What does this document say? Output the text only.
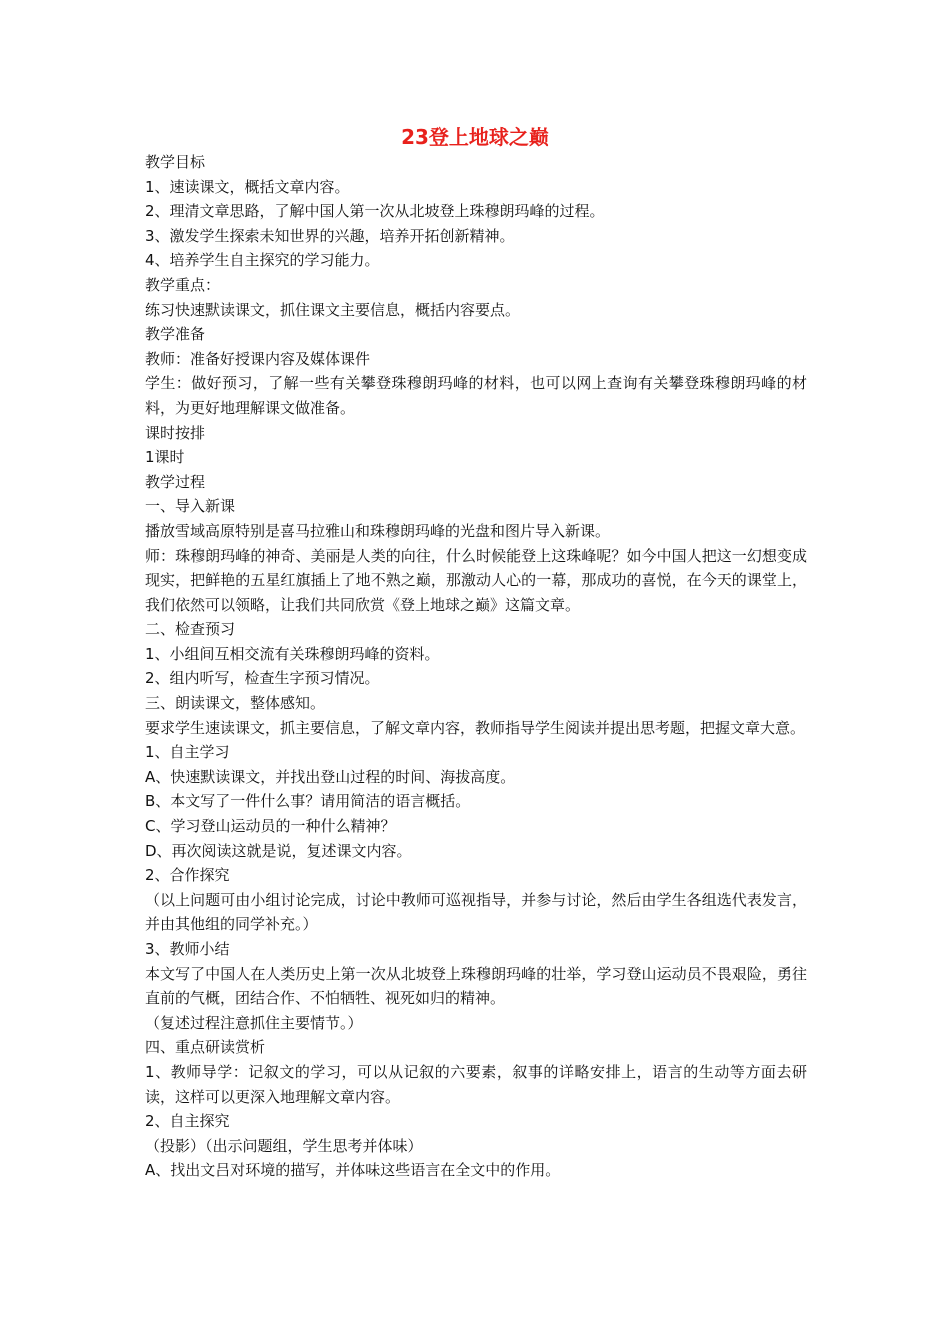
23登上地球之巅

教学目标

1、速读课文，概括文章内容。

2、理清文章思路，了解中国人第一次从北坡登上珠穆朗玛峰的过程。

3、激发学生探索未知世界的兴趣，培养开拓创新精神。

4、培养学生自主探究的学习能力。

教学重点：

练习快速默读课文，抓住课文主要信息，概括内容要点。

教学准备

教师：准备好授课内容及媒体课件

学生：做好预习，了解一些有关攀登珠穆朗玛峰的材料，也可以网上查询有关攀登珠穆朗玛峰的材料，为更好地理解课文做准备。

课时按排

1课时

教学过程

一、导入新课

播放雪域高原特别是喜马拉雅山和珠穆朗玛峰的光盘和图片导入新课。

师：珠穆朗玛峰的神奇、美丽是人类的向往，什么时候能登上这珠峰呢？如今中国人把这一幻想变成现实，把鲜艳的五星红旗插上了地不熟之巅，那激动人心的一幕，那成功的喜悦，在今天的课堂上，我们依然可以领略，让我们共同欣赏《登上地球之巅》这篇文章。

二、检查预习

1、小组间互相交流有关珠穆朗玛峰的资料。

2、组内听写，检查生字预习情况。

三、朗读课文，整体感知。

要求学生速读课文，抓主要信息，了解文章内容，教师指导学生阅读并提出思考题，把握文章大意。

1、自主学习

A、快速默读课文，并找出登山过程的时间、海拔高度。

B、本文写了一件什么事？请用简洁的语言概括。

C、学习登山运动员的一种什么精神？

D、再次阅读这就是说，复述课文内容。

2、合作探究

（以上问题可由小组讨论完成，讨论中教师可巡视指导，并参与讨论，然后由学生各组选代表发言，并由其他组的同学补充。）

3、教师小结

本文写了中国人在人类历史上第一次从北坡登上珠穆朗玛峰的壮举，学习登山运动员不畏艰险，勇往直前的气概，团结合作、不怕牺牲、视死如归的精神。

（复述过程注意抓住主要情节。）

四、重点研读赏析

1、教师导学：记叙文的学习，可以从记叙的六要素，叙事的详略安排上，语言的生动等方面去研读，这样可以更深入地理解文章内容。

2、自主探究

（投影）（出示问题组，学生思考并体味）

A、找出文吕对环境的描写，并体味这些语言在全文中的作用。
